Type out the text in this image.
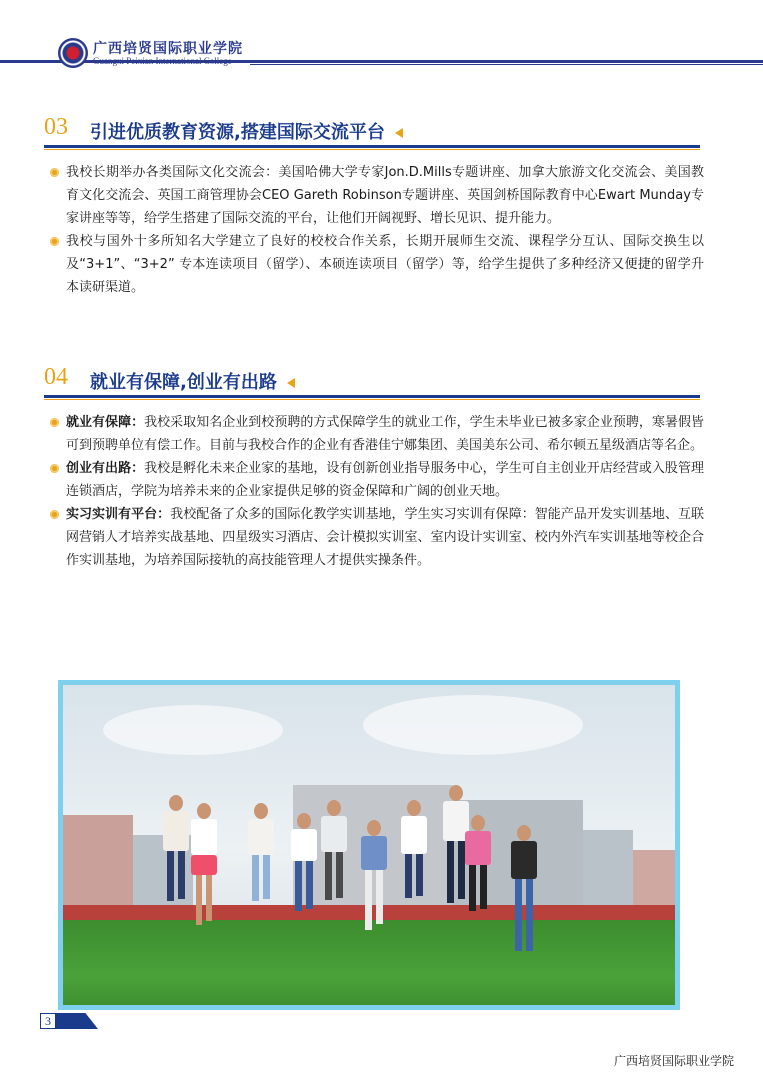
广西培贤国际职业学院
Guangxi Peixian International College
03 引进优质教育资源,搭建国际交流平台
我校长期举办各类国际文化交流会：美国哈佛大学专家Jon.D.Mills专题讲座、加拿大旅游文化交流会、美国教育文化交流会、英国工商管理协会CEO Gareth Robinson专题讲座、英国剑桥国际教育中心Ewart Munday专家讲座等等，给学生搭建了国际交流的平台，让他们开阔视野、增长见识、提升能力。
我校与国外十多所知名大学建立了良好的校校合作关系，长期开展师生交流、课程学分互认、国际交换生以及“3+1”、“3+2” 专本连读项目（留学）、本硕连读项目（留学）等，给学生提供了多种经济又便捷的留学升本读研渠道。
04 就业有保障,创业有出路
就业有保障：我校采取知名企业到校预聘的方式保障学生的就业工作，学生未毕业已被多家企业预聘，寒暑假皆可到预聘单位有偿工作。目前与我校合作的企业有香港佳宁娜集团、美国美东公司、希尔顿五星级酒店等名企。
创业有出路：我校是孵化未来企业家的基地，设有创新创业指导服务中心，学生可自主创业开店经营或入股管理连锁酒店，学院为培养未来的企业家提供足够的资金保障和广阔的创业天地。
实习实训有平台：我校配备了众多的国际化教学实训基地，学生实习实训有保障：智能产品开发实训基地、互联网营销人才培养实战基地、四星级实习酒店、会计模拟实训室、室内设计实训室、校内外汽车实训基地等校企合作实训基地，为培养国际接轨的高技能管理人才提供实操条件。
3
广西培贤国际职业学院
